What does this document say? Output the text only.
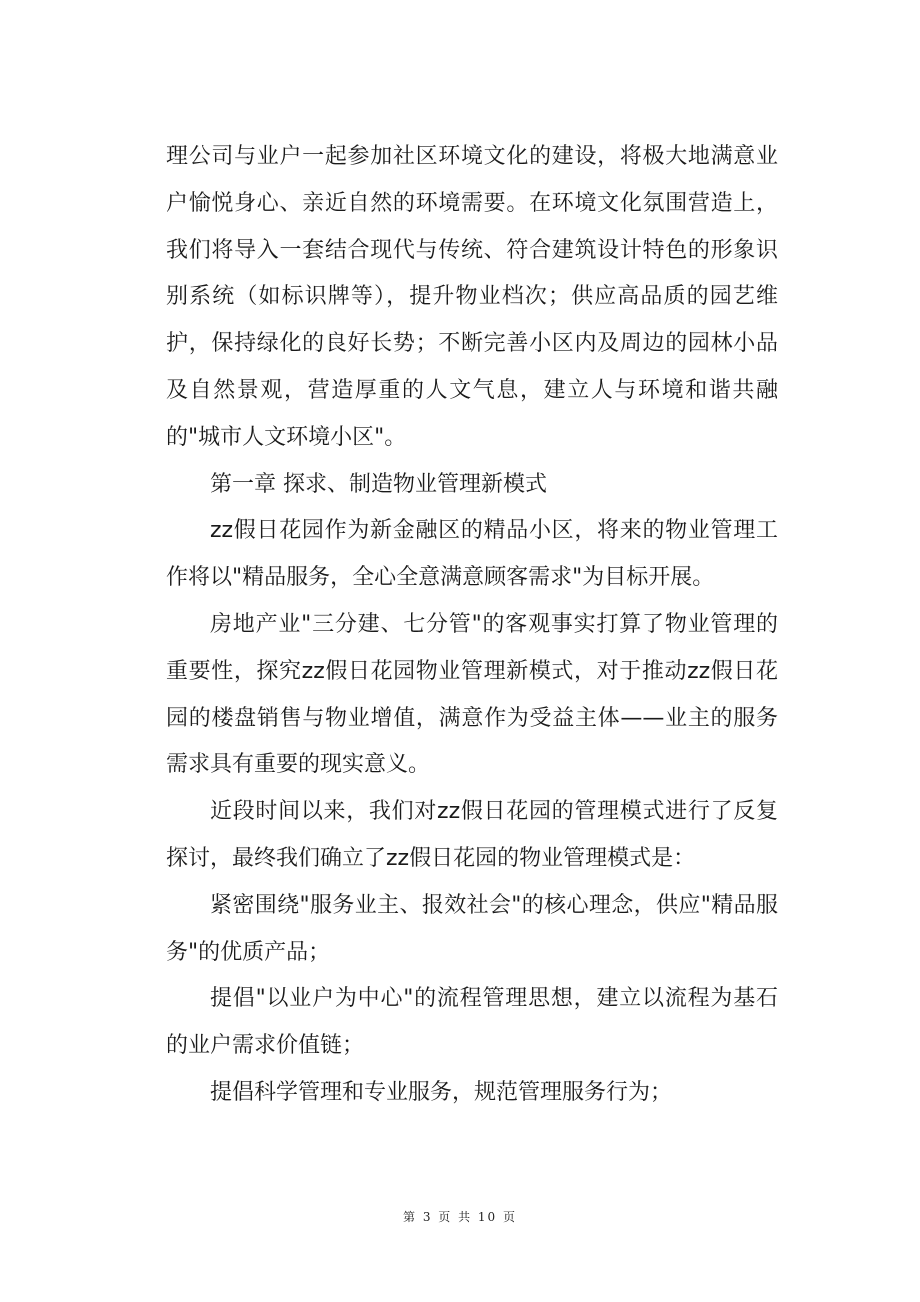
理公司与业户一起参加社区环境文化的建设，将极大地满意业户愉悦身心、亲近自然的环境需要。在环境文化氛围营造上，我们将导入一套结合现代与传统、符合建筑设计特色的形象识别系统（如标识牌等），提升物业档次；供应高品质的园艺维护，保持绿化的良好长势；不断完善小区内及周边的园林小品及自然景观，营造厚重的人文气息，建立人与环境和谐共融的"城市人文环境小区"。

第一章 探求、制造物业管理新模式

zz假日花园作为新金融区的精品小区，将来的物业管理工作将以"精品服务，全心全意满意顾客需求"为目标开展。

房地产业"三分建、七分管"的客观事实打算了物业管理的重要性，探究zz假日花园物业管理新模式，对于推动zz假日花园的楼盘销售与物业增值，满意作为受益主体——业主的服务需求具有重要的现实意义。

近段时间以来，我们对zz假日花园的管理模式进行了反复探讨，最终我们确立了zz假日花园的物业管理模式是：

紧密围绕"服务业主、报效社会"的核心理念，供应"精品服务"的优质产品；

提倡"以业户为中心"的流程管理思想，建立以流程为基石的业户需求价值链；

提倡科学管理和专业服务，规范管理服务行为；

第 3 页 共 10 页
